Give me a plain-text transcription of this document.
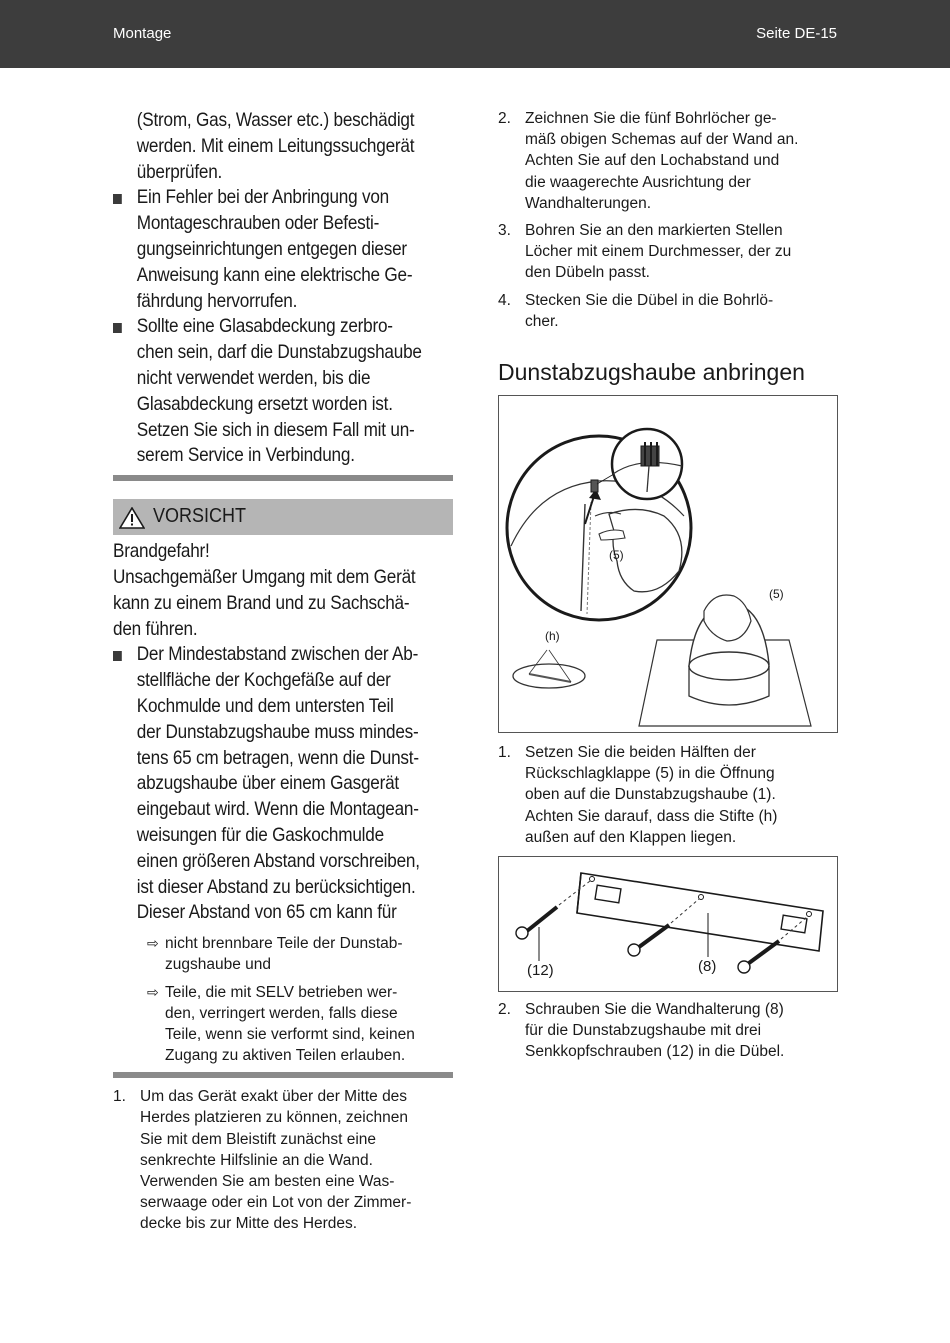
Montage	Seite DE-15
(Strom, Gas, Wasser etc.) beschädigt
werden. Mit einem Leitungssuchgerät
überprüfen.
Ein Fehler bei der Anbringung von
Montageschrauben oder Befesti-
gungseinrichtungen entgegen dieser
Anweisung kann eine elektrische Ge-
fährdung hervorrufen.
Sollte eine Glasabdeckung zerbro-
chen sein, darf die Dunstabzugshaube
nicht verwendet werden, bis die
Glasabdeckung ersetzt worden ist.
Setzen Sie sich in diesem Fall mit un-
serem Service in Verbindung.
VORSICHT
Brandgefahr!
Unsachgemäßer Umgang mit dem Gerät
kann zu einem Brand und zu Sachschä-
den führen.
Der Mindestabstand zwischen der Ab-
stellfläche der Kochgefäße auf der
Kochmulde und dem untersten Teil
der Dunstabzugshaube muss mindes-
tens 65 cm betragen, wenn die Dunst-
abzugshaube über einem Gasgerät
eingebaut wird. Wenn die Montagean-
weisungen für die Gaskochmulde
einen größeren Abstand vorschreiben,
ist dieser Abstand zu berücksichtigen.
Dieser Abstand von 65 cm kann für
⇨ nicht brennbare Teile der Dunstab-
zugshaube und
⇨ Teile, die mit SELV betrieben wer-
den, verringert werden, falls diese
Teile, wenn sie verformt sind, keinen
Zugang zu aktiven Teilen erlauben.
1. Um das Gerät exakt über der Mitte des
Herdes platzieren zu können, zeichnen
Sie mit dem Bleistift zunächst eine
senkrechte Hilfslinie an die Wand.
Verwenden Sie am besten eine Was-
serwaage oder ein Lot von der Zimmer-
decke bis zur Mitte des Herdes.
2. Zeichnen Sie die fünf Bohrlöcher ge-
mäß obigen Schemas auf der Wand an.
Achten Sie auf den Lochabstand und
die waagerechte Ausrichtung der
Wandhalterungen.
3. Bohren Sie an den markierten Stellen
Löcher mit einem Durchmesser, der zu
den Dübeln passt.
4. Stecken Sie die Dübel in die Bohrlö-
cher.
Dunstabzugshaube anbringen
(5)
(5)
(h)
1. Setzen Sie die beiden Hälften der
Rückschlagklappe (5) in die Öffnung
oben auf die Dunstabzugshaube (1).
Achten Sie darauf, dass die Stifte (h)
außen auf den Klappen liegen.
(12)	(8)
2. Schrauben Sie die Wandhalterung (8)
für die Dunstabzugshaube mit drei
Senkkopfschrauben (12) in die Dübel.
